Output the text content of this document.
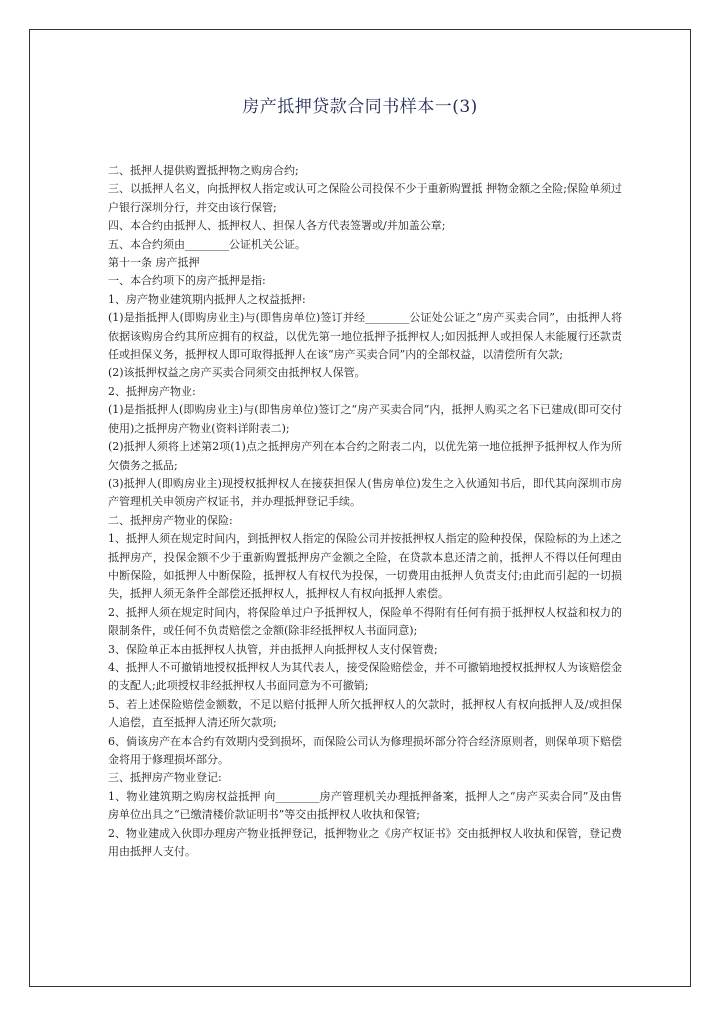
房产抵押贷款合同书样本一(3)

二、抵押人提供购置抵押物之购房合约;

三、以抵押人名义，向抵押权人指定或认可之保险公司投保不少于重新购置抵 押物金额之全险;保险单须过户银行深圳分行，并交由该行保管;

四、本合约由抵押人、抵押权人、担保人各方代表签署或/并加盖公章;

五、本合约须由________公证机关公证。

第十一条 房产抵押

一、本合约项下的房产抵押是指:

1、房产物业建筑期内抵押人之权益抵押:

(1)是指抵押人(即购房业主)与(即售房单位)签订并经________公证处公证之“房产买卖合同”，由抵押人将依据该购房合约其所应拥有的权益，以优先第一地位抵押予抵押权人;如因抵押人或担保人未能履行还款责任或担保义务，抵押权人即可取得抵押人在该“房产买卖合同”内的全部权益，以清偿所有欠款;

(2)该抵押权益之房产买卖合同须交由抵押权人保管。

2、抵押房产物业:

(1)是指抵押人(即购房业主)与(即售房单位)签订之“房产买卖合同”内，抵押人购买之名下已建成(即可交付使用)之抵押房产物业(资料详附表二);

(2)抵押人须将上述第2项(1)点之抵押房产列在本合约之附表二内，以优先第一地位抵押予抵押权人作为所欠债务之抵品;

(3)抵押人(即购房业主)现授权抵押权人在接获担保人(售房单位)发生之入伙通知书后，即代其向深圳市房产管理机关申领房产权证书，并办理抵押登记手续。

二、抵押房产物业的保险:

1、抵押人须在规定时间内，到抵押权人指定的保险公司并按抵押权人指定的险种投保，保险标的为上述之抵押房产，投保金额不少于重新购置抵押房产金额之全险，在贷款本息还清之前，抵押人不得以任何理由中断保险，如抵押人中断保险，抵押权人有权代为投保，一切费用由抵押人负责支付;由此而引起的一切损失，抵押人须无条件全部偿还抵押权人，抵押权人有权向抵押人索偿。

2、抵押人须在规定时间内，将保险单过户予抵押权人，保险单不得附有任何有损于抵押权人权益和权力的限制条件，或任何不负责赔偿之金额(除非经抵押权人书面同意);

3、保险单正本由抵押权人执管，并由抵押人向抵押权人支付保管费;

4、抵押人不可撤销地授权抵押权人为其代表人，接受保险赔偿金，并不可撤销地授权抵押权人为该赔偿金的支配人;此项授权非经抵押权人书面同意为不可撤销;

5、若上述保险赔偿金额数，不足以赔付抵押人所欠抵押权人的欠款时，抵押权人有权向抵押人及/或担保人追偿，直至抵押人清还所欠款项;

6、倘该房产在本合约有效期内受到损坏，而保险公司认为修理损坏部分符合经济原则者，则保单项下赔偿金将用于修理损坏部分。

三、抵押房产物业登记:

1、物业建筑期之购房权益抵押 向________房产管理机关办理抵押备案，抵押人之“房产买卖合同”及由售房单位出具之“已缴清楼价款证明书”等交由抵押权人收执和保管;

2、物业建成入伙即办理房产物业抵押登记，抵押物业之《房产权证书》交由抵押权人收执和保管，登记费用由抵押人支付。
